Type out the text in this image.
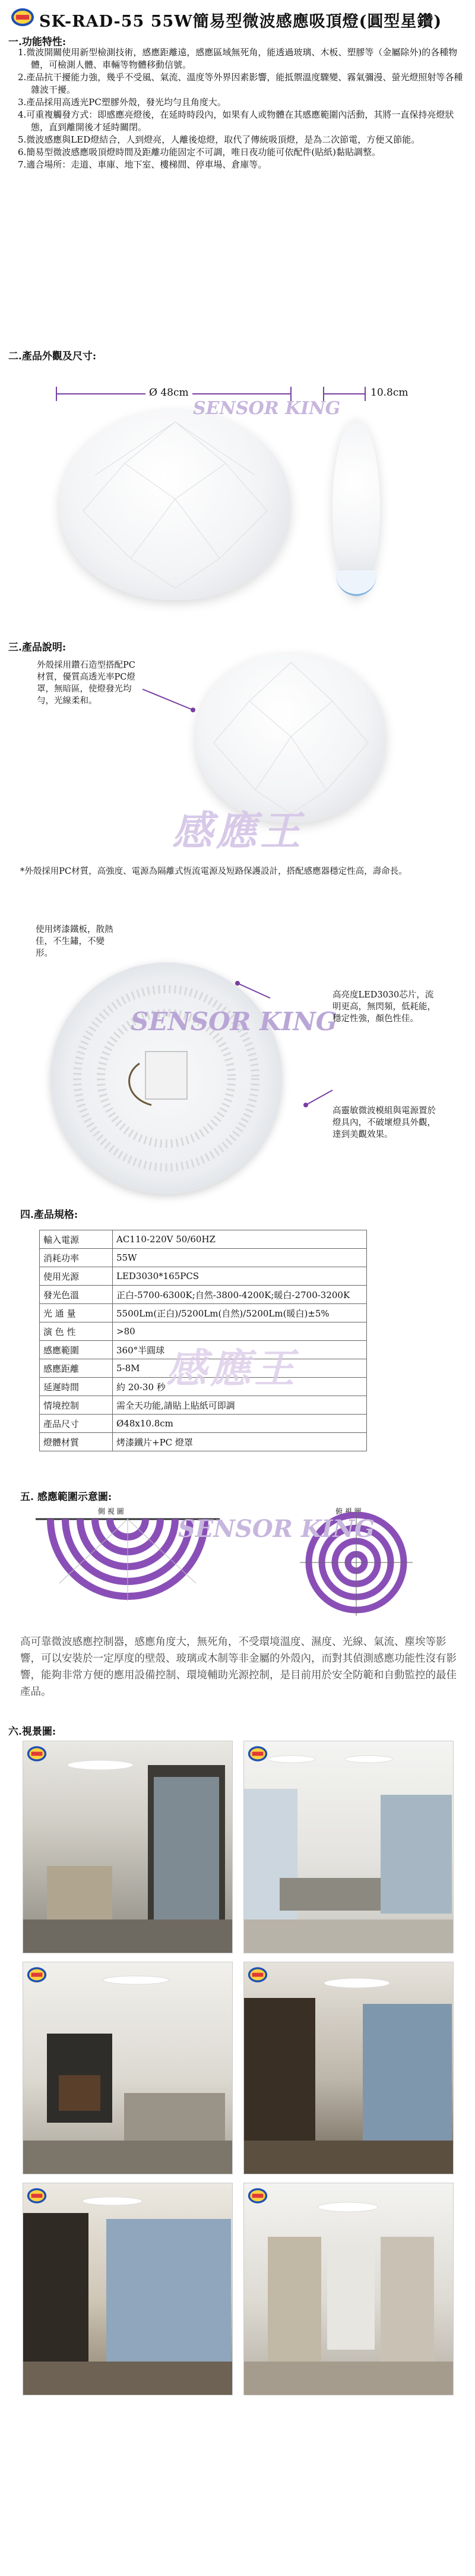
SK-RAD-55 55W簡易型微波感應吸頂燈(圓型星鑽)
一.功能特性:
1.微波開關使用新型檢測技術，感應距離遠，感應區域無死角，能透過玻璃、木板、塑膠等（金屬除外)的各種物體，可檢測人體、車輛等物體移動信號。
2.產品抗干擾能力強，幾乎不受風、氣流、溫度等外界因素影響，能抵禦溫度驟變、霧氣彌漫、螢光燈照射等各種雜波干擾。
3.產品採用高透光PC塑膠外殼，發光均勻且角度大。
4.可重複觸發方式：即感應亮燈後，在延時時段內，如果有人或物體在其感應範圍內活動，其將一直保持亮燈狀態，直到離開後才延時關閉。
5.微波感應與LED燈結合，人到燈亮，人離後熄燈，取代了傳統吸頂燈，是為二次節電，方便又節能。
6.簡易型微波感應吸頂燈時間及距離功能固定不可調，唯日夜功能可依配件(貼紙)黏貼調整。
7.適合場所：走道、車庫、地下室、樓梯間、停車場、倉庫等。
二.產品外觀及尺寸:
Ø 48cm	10.8cm
SENSOR KING
三.產品說明:
外殼採用鑽石造型搭配PC材質，優質高透光率PC燈罩，無暗區，使燈發光均勻，光線柔和。
感應王
*外殼採用PC材質，高強度、電源為隔離式恆流電源及短路保護設計，搭配感應器穩定性高，壽命長。
使用烤漆鐵板，散熱佳，不生鏽，不變形。
SENSOR KING
高亮度LED3030芯片，流明更高，無閃頻，低耗能，穩定性強，顏色性佳。
高靈敏微波模組與電源置於燈具內，不破壞燈具外觀，達到美觀效果。
四.產品規格:
輸入電源	AC110-220V 50/60HZ
消耗功率	55W
使用光源	LED3030*165PCS
發光色溫	正白-5700-6300K;自然-3800-4200K;暖白-2700-3200K
光 通 量	5500Lm(正白)/5200Lm(自然)/5200Lm(暖白)±5%
演 色 性	>80
感應範圍	360°半圓球
感應距離	5-8M
延遲時間	約 20-30 秒
情境控制	需全天功能,請貼上貼紙可即調
產品尺寸	Ø48x10.8cm
燈體材質	烤漆鐵片+PC 燈罩
感應王
五. 感應範圍示意圖:
側 視 圖	俯 視 圖
SENSOR KING
高可靠微波感應控制器，感應角度大，無死角，不受環境溫度、濕度、光線、氣流、塵埃等影響，可以安裝於一定厚度的壁殼、玻璃或木制等非金屬的外殼內，而對其偵測感應功能性沒有影響，能夠非常方便的應用設備控制、環境輔助光源控制，是目前用於安全防範和自動監控的最佳產品。
六.視景圖:
